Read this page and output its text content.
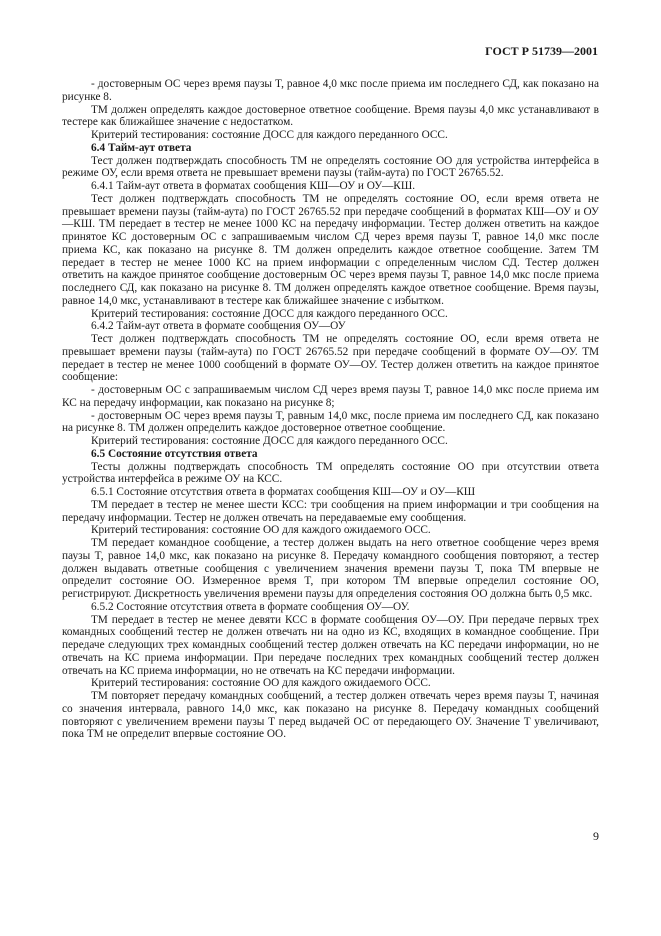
ГОСТ Р 51739—2001

- достоверным ОС через время паузы T, равное 4,0 мкс после приема им последнего СД, как показано на рисунке 8.

ТМ должен определять каждое достоверное ответное сообщение. Время паузы 4,0 мкс устанавливают в тестере как ближайшее значение с недостатком.

Критерий тестирования: состояние ДОСС для каждого переданного ОСС.

6.4 Тайм-аут ответа

Тест должен подтверждать способность ТМ не определять состояние ОО для устройства интерфейса в режиме ОУ, если время ответа не превышает времени паузы (тайм-аута) по ГОСТ 26765.52.

6.4.1 Тайм-аут ответа в форматах сообщения КШ—ОУ и ОУ—КШ.

Тест должен подтверждать способность ТМ не определять состояние ОО, если время ответа не превышает времени паузы (тайм-аута) по ГОСТ 26765.52 при передаче сообщений в форматах КШ—ОУ и ОУ—КШ. ТМ передает в тестер не менее 1000 КС на передачу информации. Тестер должен ответить на каждое принятое КС достоверным ОС с запрашиваемым числом СД через время паузы T, равное 14,0 мкс после приема КС, как показано на рисунке 8. ТМ должен определить каждое ответное сообщение. Затем ТМ передает в тестер не менее 1000 КС на прием информации с определенным числом СД. Тестер должен ответить на каждое принятое сообщение достоверным ОС через время паузы T, равное 14,0 мкс после приема последнего СД, как показано на рисунке 8. ТМ должен определять каждое ответное сообщение. Время паузы, равное 14,0 мкс, устанавливают в тестере как ближайшее значение с избытком.

Критерий тестирования: состояние ДОСС для каждого переданного ОСС.

6.4.2 Тайм-аут ответа в формате сообщения ОУ—ОУ

Тест должен подтверждать способность ТМ не определять состояние ОО, если время ответа не превышает времени паузы (тайм-аута) по ГОСТ 26765.52 при передаче сообщений в формате ОУ—ОУ. ТМ передает в тестер не менее 1000 сообщений в формате ОУ—ОУ. Тестер должен ответить на каждое принятое сообщение:

- достоверным ОС с запрашиваемым числом СД через время паузы T, равное 14,0 мкс после приема им КС на передачу информации, как показано на рисунке 8;

- достоверным ОС через время паузы T, равным 14,0 мкс, после приема им последнего СД, как показано на рисунке 8. ТМ должен определить каждое достоверное ответное сообщение.

Критерий тестирования: состояние ДОСС для каждого переданного ОСС.

6.5 Состояние отсутствия ответа

Тесты должны подтверждать способность ТМ определять состояние ОО при отсутствии ответа устройства интерфейса в режиме ОУ на КСС.

6.5.1 Состояние отсутствия ответа в форматах сообщения КШ—ОУ и ОУ—КШ

ТМ передает в тестер не менее шести КСС: три сообщения на прием информации и три сообщения на передачу информации. Тестер не должен отвечать на передаваемые ему сообщения.

Критерий тестирования: состояние ОО для каждого ожидаемого ОСС.

ТМ передает командное сообщение, а тестер должен выдать на него ответное сообщение через время паузы T, равное 14,0 мкс, как показано на рисунке 8. Передачу командного сообщения повторяют, а тестер должен выдавать ответные сообщения с увеличением значения времени паузы T, пока ТМ впервые не определит состояние ОО. Измеренное время T, при котором ТМ впервые определил состояние ОО, регистрируют. Дискретность увеличения времени паузы для определения состояния ОО должна быть 0,5 мкс.

6.5.2 Состояние отсутствия ответа в формате сообщения ОУ—ОУ.

ТМ передает в тестер не менее девяти КСС в формате сообщения ОУ—ОУ. При передаче первых трех командных сообщений тестер не должен отвечать ни на одно из КС, входящих в командное сообщение. При передаче следующих трех командных сообщений тестер должен отвечать на КС передачи информации, но не отвечать на КС приема информации. При передаче последних трех командных сообщений тестер должен отвечать на КС приема информации, но не отвечать на КС передачи информации.

Критерий тестирования: состояние ОО для каждого ожидаемого ОСС.

ТМ повторяет передачу командных сообщений, а тестер должен отвечать через время паузы T, начиная со значения интервала, равного 14,0 мкс, как показано на рисунке 8. Передачу командных сообщений повторяют с увеличением времени паузы T перед выдачей ОС от передающего ОУ. Значение T увеличивают, пока ТМ не определит впервые состояние ОО.

9
